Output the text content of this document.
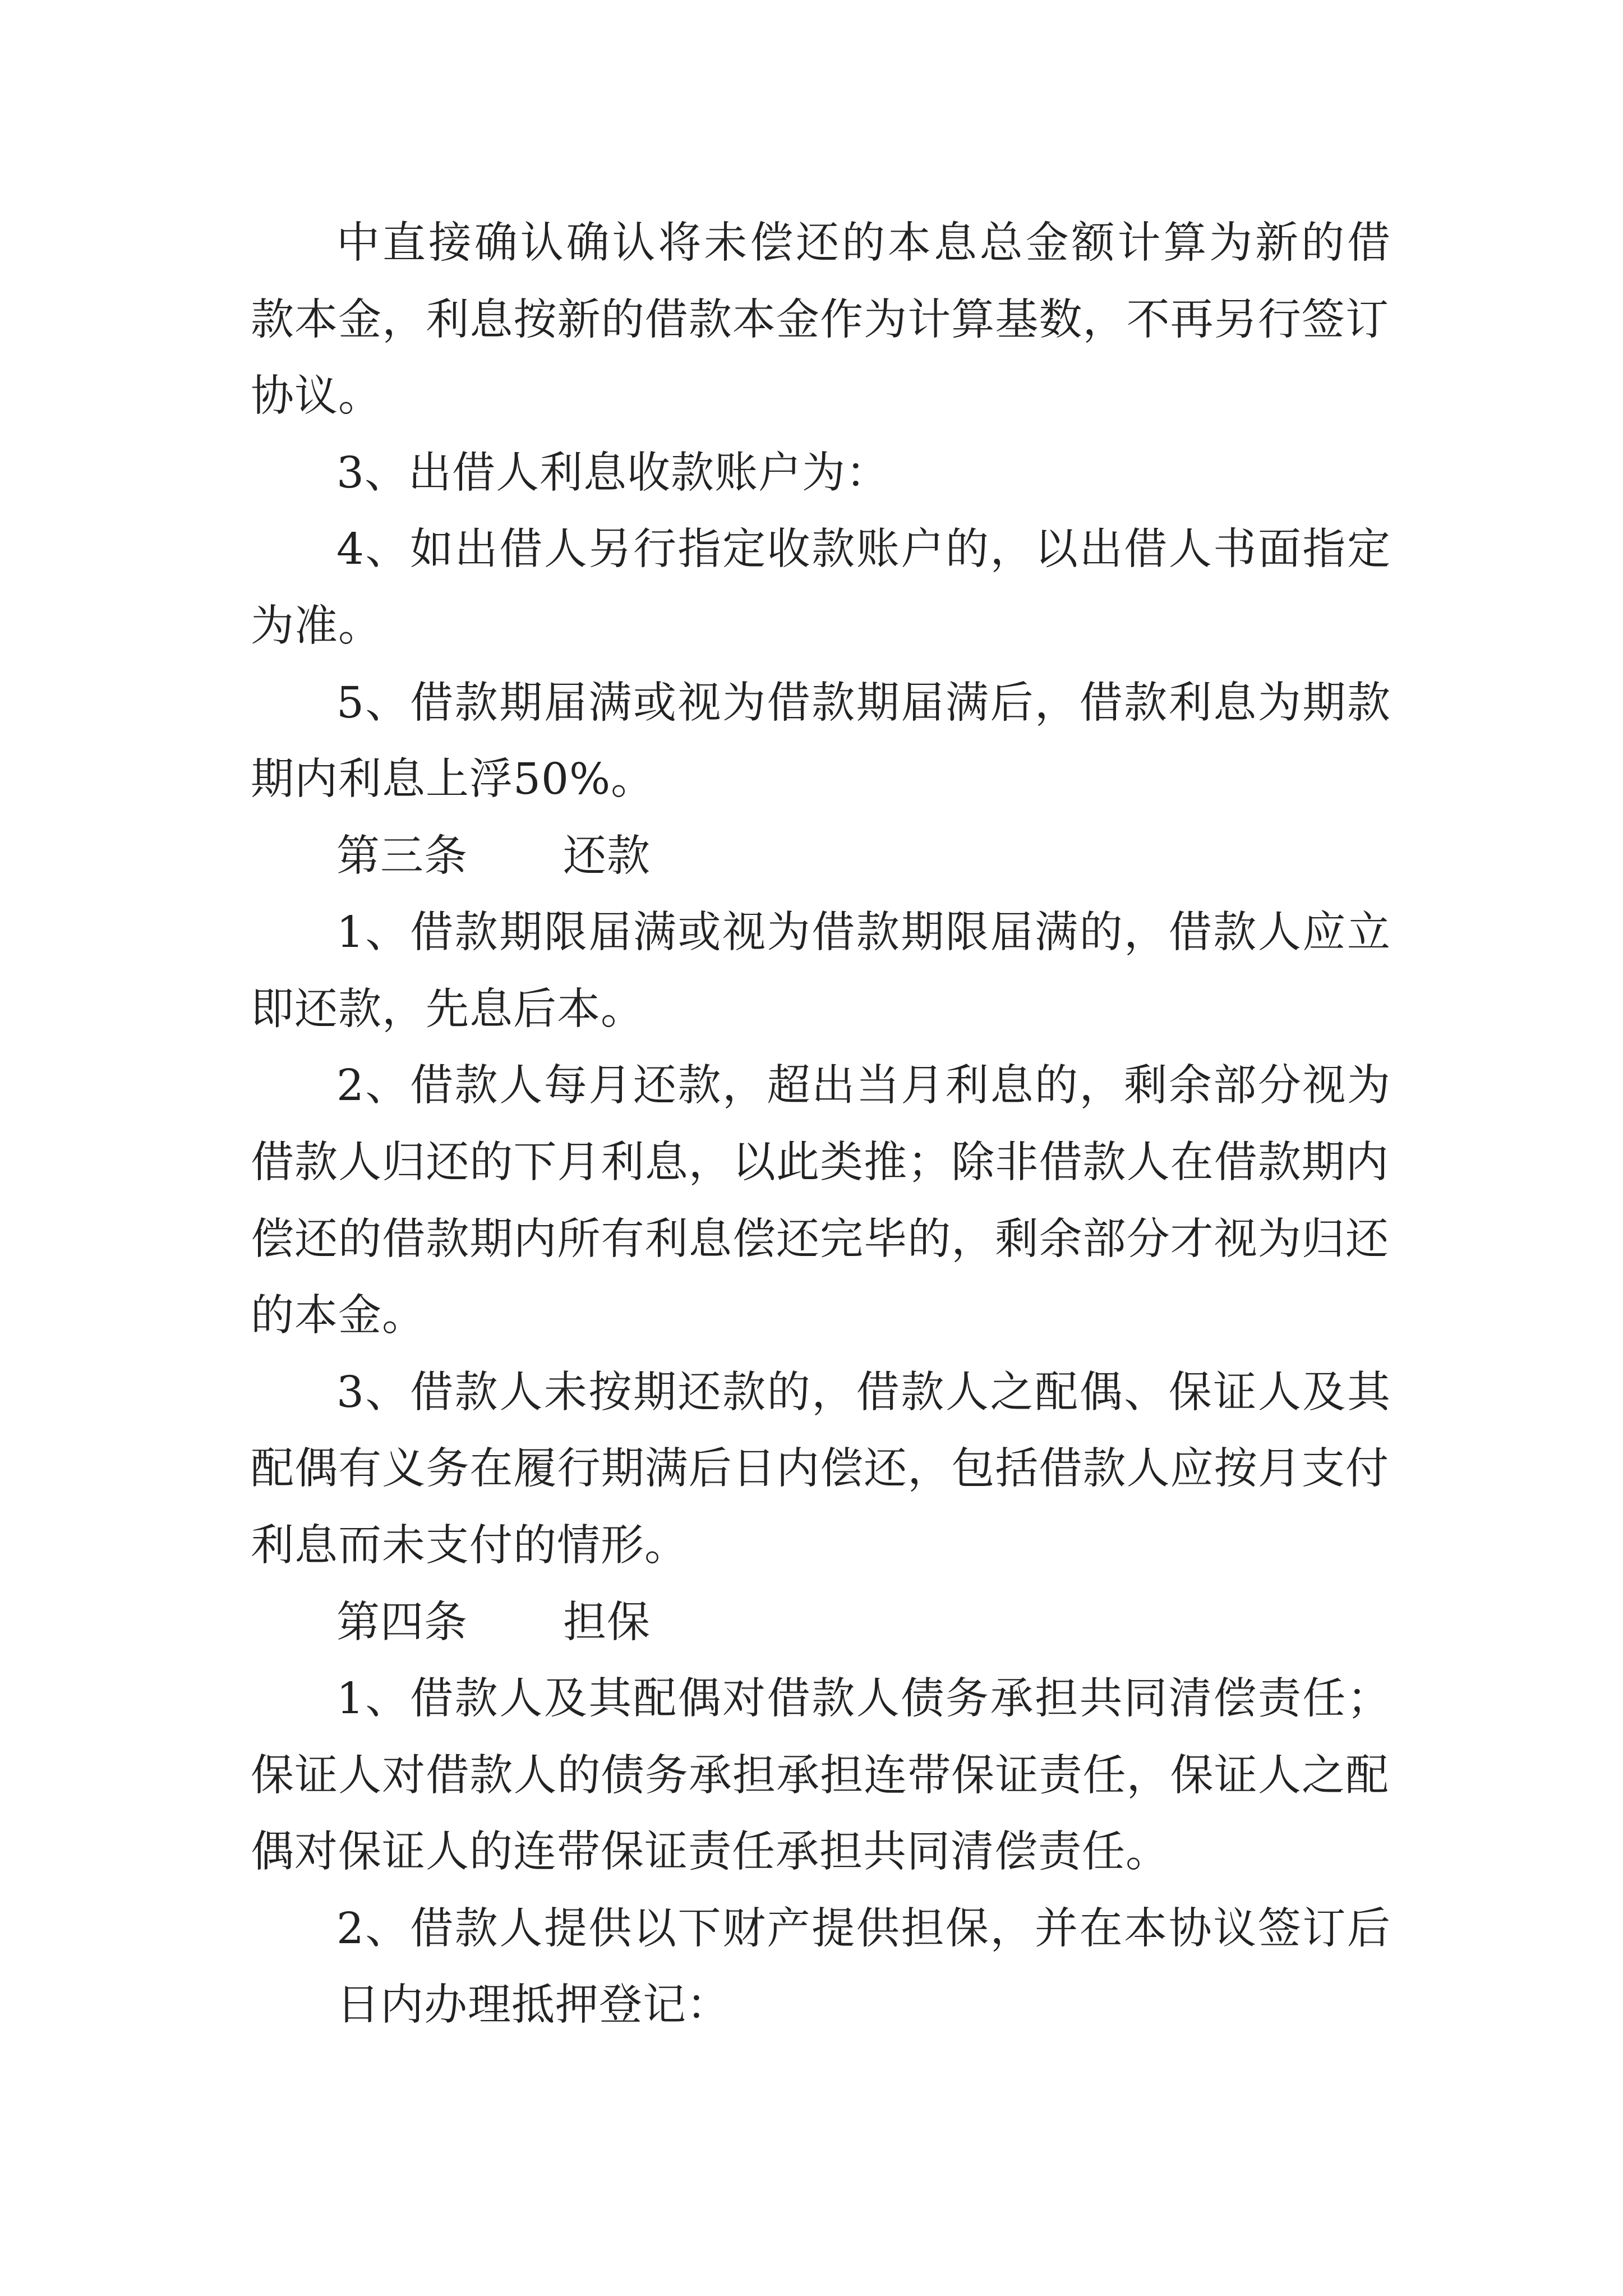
中直接确认确认将未偿还的本息总金额计算为新的借
款本金，利息按新的借款本金作为计算基数，不再另行签订
协议。
3、出借人利息收款账户为：
4、如出借人另行指定收款账户的，以出借人书面指定
为准。
5、借款期届满或视为借款期届满后，借款利息为期款
期内利息上浮50%。
第三条 还款
1、借款期限届满或视为借款期限届满的，借款人应立
即还款，先息后本。
2、借款人每月还款，超出当月利息的，剩余部分视为
借款人归还的下月利息，以此类推；除非借款人在借款期内
偿还的借款期内所有利息偿还完毕的，剩余部分才视为归还
的本金。
3、借款人未按期还款的，借款人之配偶、保证人及其
配偶有义务在履行期满后日内偿还，包括借款人应按月支付
利息而未支付的情形。
第四条 担保
1、借款人及其配偶对借款人债务承担共同清偿责任；
保证人对借款人的债务承担承担连带保证责任，保证人之配
偶对保证人的连带保证责任承担共同清偿责任。
2、借款人提供以下财产提供担保，并在本协议签订后
日内办理抵押登记：
